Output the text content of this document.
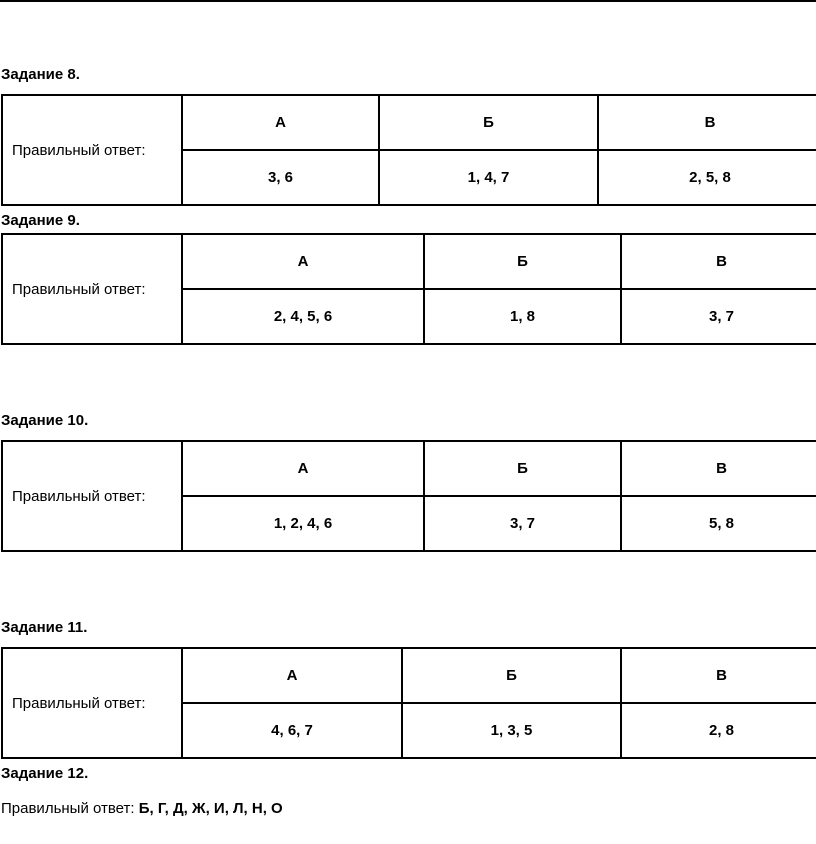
Задание 8.
Правильный ответ:	А	Б	В
	3, 6	1, 4, 7	2, 5, 8
Задание 9.
Правильный ответ:	А	Б	В
	2, 4, 5, 6	1, 8	3, 7
Задание 10.
Правильный ответ:	А	Б	В
	1, 2, 4, 6	3, 7	5, 8
Задание 11.
Правильный ответ:	А	Б	В
	4, 6, 7	1, 3, 5	2, 8
Задание 12.
Правильный ответ: Б, Г, Д, Ж, И, Л, Н, О
